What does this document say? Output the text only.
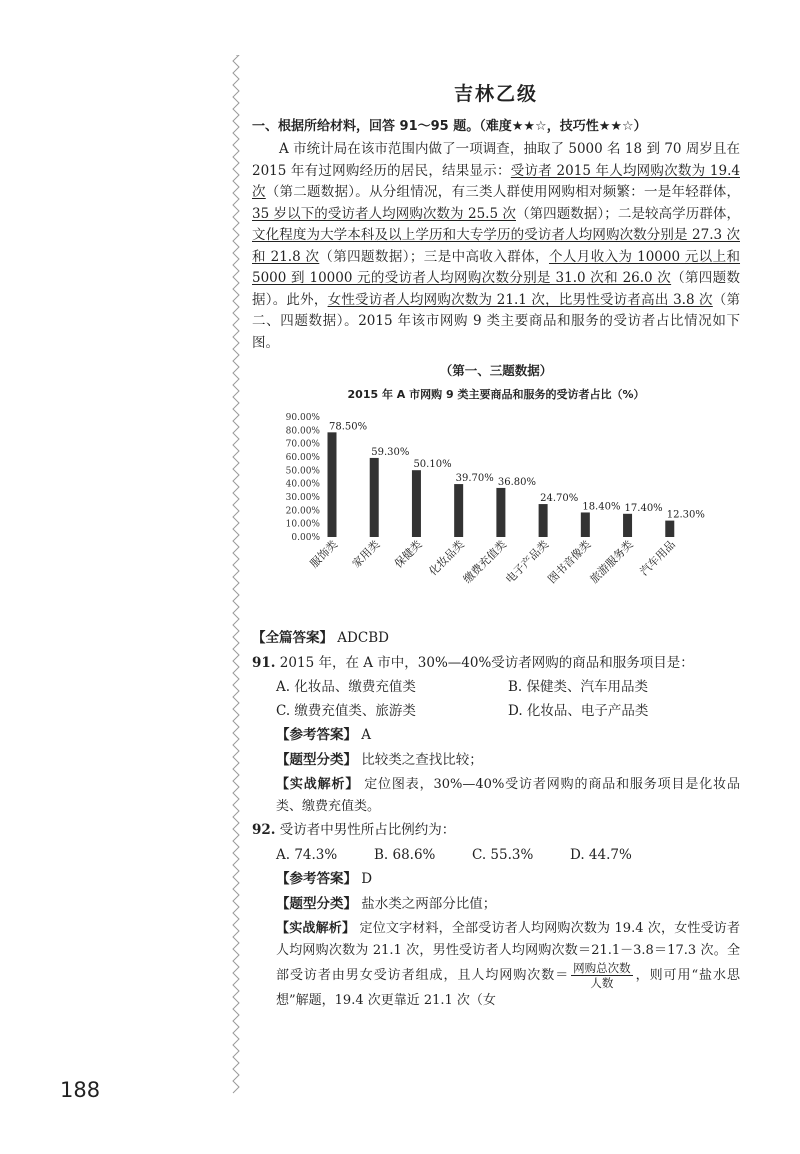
吉林乙级
一、根据所给材料，回答 91～95 题。（难度★★☆，技巧性★★☆）

A 市统计局在该市范围内做了一项调查，抽取了 5000 名 18 到 70 周岁且在 2015 年有过网购经历的居民，结果显示：受访者 2015 年人均网购次数为 19.4 次（第二题数据）。从分组情况，有三类人群使用网购相对频繁：一是年轻群体，35 岁以下的受访者人均网购次数为 25.5 次（第四题数据）；二是较高学历群体，文化程度为大学本科及以上学历和大专学历的受访者人均网购次数分别是 27.3 次和 21.8 次（第四题数据）；三是中高收入群体，个人月收入为 10000 元以上和 5000 到 10000 元的受访者人均网购次数分别是 31.0 次和 26.0 次（第四题数据）。此外，女性受访者人均网购次数为 21.1 次，比男性受访者高出 3.8 次（第二、四题数据）。2015 年该市网购 9 类主要商品和服务的受访者占比情况如下图。

（第一、三题数据）
2015 年 A 市网购 9 类主要商品和服务的受访者占比（%）
0.00%
10.00%
20.00%
30.00%
40.00%
50.00%
60.00%
70.00%
80.00%
90.00%
78.50%
服饰类
59.30%
家用类
50.10%
保健类
39.70%
化妆品类
36.80%
缴费充值类
24.70%
电子产品类
18.40%
图书音像类
17.40%
旅游服务类
12.30%
汽车用品
【全篇答案】 ADCBD
91. 2015 年，在 A 市中，30%—40%受访者网购的商品和服务项目是：
A. 化妆品、缴费充值类	B. 保健类、汽车用品类
C. 缴费充值类、旅游类	D. 化妆品、电子产品类
【参考答案】 A
【题型分类】 比较类之查找比较；
【实战解析】 定位图表，30%—40%受访者网购的商品和服务项目是化妆品类、缴费充值类。
92. 受访者中男性所占比例约为：
A. 74.3%	B. 68.6%	C. 55.3%	D. 44.7%
【参考答案】 D
【题型分类】 盐水类之两部分比值；
【实战解析】 定位文字材料，全部受访者人均网购次数为 19.4 次，女性受访者人均网购次数为 21.1 次，男性受访者人均网购次数＝21.1－3.8＝17.3 次。全部受访者由男女受访者组成，且人均网购次数＝ $\frac{\text{网购总次数}}{\text{人数}}$ ，则可用“盐水思想”解题，19.4 次更靠近 21.1 次（女
188
